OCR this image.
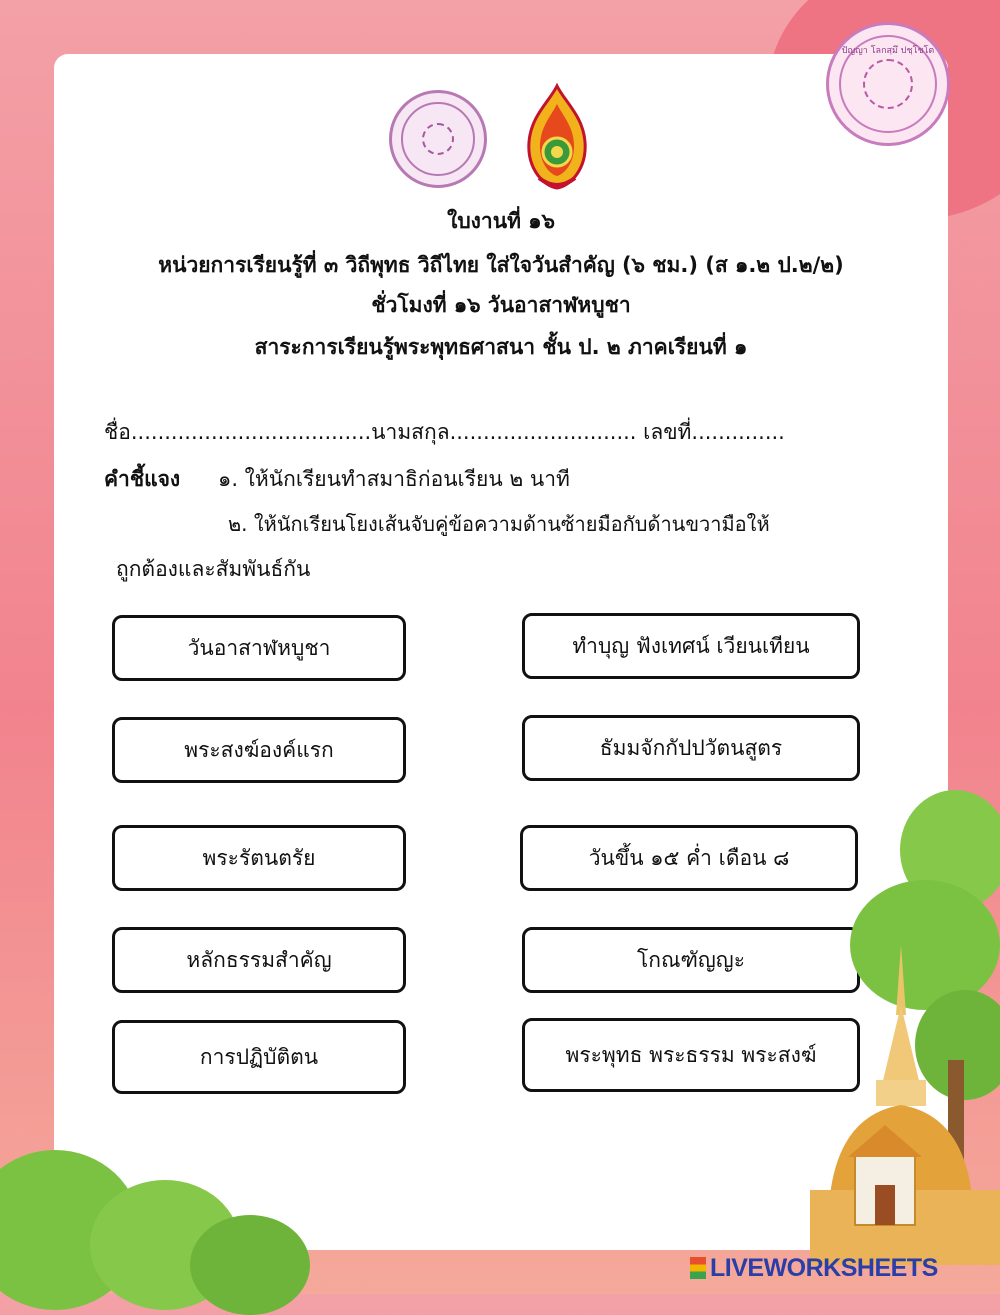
ปัญญา โลกสฺมึ ปชฺโชโต
ใบงานที่ ๑๖
หน่วยการเรียนรู้ที่ ๓ วิถีพุทธ วิถีไทย ใส่ใจวันสำคัญ (๖ ชม.) (ส ๑.๒ ป.๒/๒)
ชั่วโมงที่ ๑๖ วันอาสาฬหบูชา
สาระการเรียนรู้พระพุทธศาสนา ชั้น ป. ๒ ภาคเรียนที่ ๑
ชื่อ....................................นามสกุล............................ เลขที่..............
คำชี้แจง ๑. ให้นักเรียนทำสมาธิก่อนเรียน ๒ นาที
๒. ให้นักเรียนโยงเส้นจับคู่ข้อความด้านซ้ายมือกับด้านขวามือให้
ถูกต้องและสัมพันธ์กัน
วันอาสาฬหบูชา
พระสงฆ์องค์แรก
พระรัตนตรัย
หลักธรรมสำคัญ
การปฏิบัติตน
ทำบุญ ฟังเทศน์ เวียนเทียน
ธัมมจักกัปปวัตนสูตร
วันขึ้น ๑๕ ค่ำ เดือน ๘
โกณฑัญญะ
พระพุทธ พระธรรม พระสงฆ์
LIVEWORKSHEETS
